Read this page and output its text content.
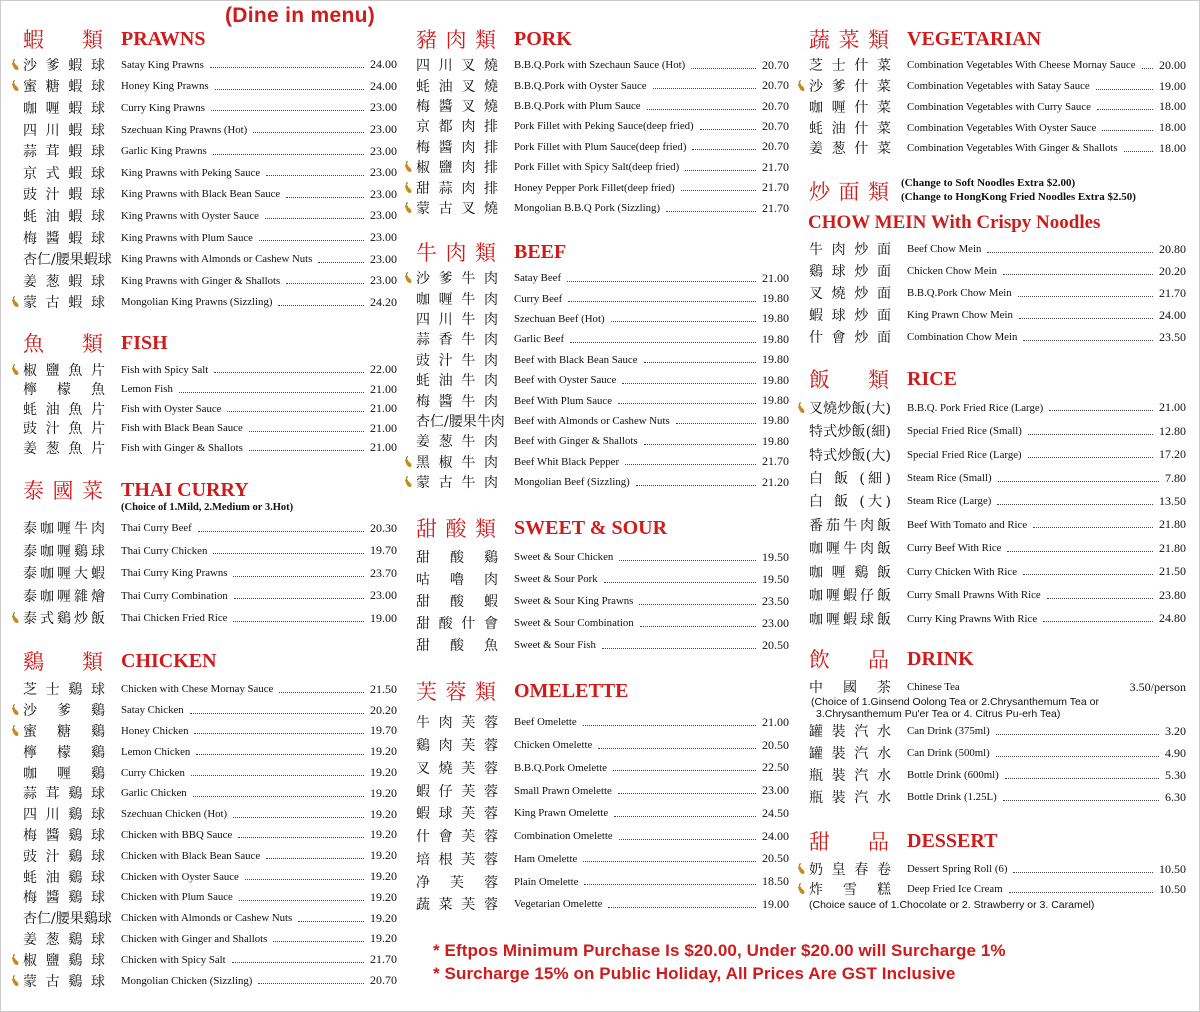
(Dine in menu)
蝦 類 PRAWNS
沙 爹 蝦 球 Satay King Prawns	24.00
蜜 糖 蝦 球 Honey King Prawns	24.00
咖 喱 蝦 球 Curry King Prawns	23.00
四 川 蝦 球 Szechuan King Prawns (Hot)	23.00
蒜 茸 蝦 球 Garlic King Prawns	23.00
京 式 蝦 球 King Prawns with Peking Sauce	23.00
豉 汁 蝦 球 King Prawns with Black Bean Sauce	23.00
蚝 油 蝦 球 King Prawns with Oyster Sauce	23.00
梅 醬 蝦 球 King Prawns with Plum Sauce	23.00
杏仁/腰果蝦球 King Prawns with Almonds or Cashew Nuts	23.00
姜 葱 蝦 球 King Prawns with Ginger & Shallots	23.00
蒙 古 蝦 球 Mongolian King Prawns (Sizzling)	24.20
魚 類 FISH
椒 鹽 魚 片 Fish with Spicy Salt	22.00
檸 檬 魚 Lemon Fish	21.00
蚝 油 魚 片 Fish with Oyster Sauce	21.00
豉 汁 魚 片 Fish with Black Bean Sauce	21.00
姜 葱 魚 片 Fish with Ginger & Shallots	21.00
泰 國 菜 THAI CURRY
(Choice of 1.Mild, 2.Medium or 3.Hot)
泰咖喱牛肉 Thai Curry Beef	20.30
泰咖喱鷄球 Thai Curry Chicken	19.70
泰咖喱大蝦 Thai Curry King Prawns	23.70
泰咖喱雜燴 Thai Curry Combination	23.00
泰式鷄炒飯 Thai Chicken Fried Rice	19.00
鷄 類 CHICKEN
芝 士 鷄 球 Chicken with Chese Mornay Sauce	21.50
沙 爹 鷄 Satay Chicken	20.20
蜜 糖 鷄 Honey Chicken	19.70
檸 檬 鷄 Lemon Chicken	19.20
咖 喱 鷄 Curry Chicken	19.20
蒜 茸 鷄 球 Garlic Chicken	19.20
四 川 鷄 球 Szechuan Chicken (Hot)	19.20
梅 醬 鷄 球 Chicken with BBQ Sauce	19.20
豉 汁 鷄 球 Chicken with Black Bean Sauce	19.20
蚝 油 鷄 球 Chicken with Oyster Sauce	19.20
梅 醬 鷄 球 Chicken with Plum Sauce	19.20
杏仁/腰果鷄球 Chicken with Almonds or Cashew Nuts	19.20
姜 葱 鷄 球 Chicken with Ginger and Shallots	19.20
椒 鹽 鷄 球 Chicken with Spicy Salt	21.70
蒙 古 鷄 球 Mongolian Chicken (Sizzling)	20.70
豬 肉 類 PORK
四 川 叉 燒 B.B.Q.Pork with Szechaun Sauce (Hot)	20.70
蚝 油 叉 燒 B.B.Q.Pork with Oyster Sauce	20.70
梅 醬 叉 燒 B.B.Q.Pork with Plum Sauce	20.70
京 都 肉 排 Pork Fillet with Peking Sauce(deep fried)	20.70
梅 醬 肉 排 Pork Fillet with Plum Sauce(deep fried)	20.70
椒 鹽 肉 排 Pork Fillet with Spicy Salt(deep fried)	21.70
甜 蒜 肉 排 Honey Pepper Pork Fillet(deep fried)	21.70
蒙 古 叉 燒 Mongolian B.B.Q Pork (Sizzling)	21.70
牛 肉 類 BEEF
沙 爹 牛 肉 Satay Beef	21.00
咖 喱 牛 肉 Curry Beef	19.80
四 川 牛 肉 Szechuan Beef (Hot)	19.80
蒜 香 牛 肉 Garlic Beef	19.80
豉 汁 牛 肉 Beef with Black Bean Sauce	19.80
蚝 油 牛 肉 Beef with Oyster Sauce	19.80
梅 醬 牛 肉 Beef With Plum Sauce	19.80
杏仁/腰果牛肉 Beef with Almonds or Cashew Nuts	19.80
姜 葱 牛 肉 Beef with Ginger & Shallots	19.80
黑 椒 牛 肉 Beef Whit Black Pepper	21.70
蒙 古 牛 肉 Mongolian Beef (Sizzling)	21.20
甜 酸 類 SWEET & SOUR
甜 酸 鷄 Sweet & Sour Chicken	19.50
咕 嚕 肉 Sweet & Sour Pork	19.50
甜 酸 蝦 Sweet & Sour King Prawns	23.50
甜 酸 什 會 Sweet & Sour Combination	23.00
甜 酸 魚 Sweet & Sour Fish	20.50
芙 蓉 類 OMELETTE
牛 肉 芙 蓉 Beef Omelette	21.00
鷄 肉 芙 蓉 Chicken Omelette	20.50
叉 燒 芙 蓉 B.B.Q.Pork Omelette	22.50
蝦 仔 芙 蓉 Small Prawn Omelette	23.00
蝦 球 芙 蓉 King Prawn Omelette	24.50
什 會 芙 蓉 Combination Omelette	24.00
培 根 芙 蓉 Ham Omelette	20.50
净 芙 蓉 Plain Omelette	18.50
蔬 菜 芙 蓉 Vegetarian Omelette	19.00
蔬 菜 類 VEGETARIAN
芝 士 什 菜 Combination Vegetables With Cheese Mornay Sauce 20.00
沙 爹 什 菜 Combination Vegetables with Satay Sauce	19.00
咖 喱 什 菜 Combination Vegetables with Curry Sauce	18.00
蚝 油 什 菜 Combination Vegetables With Oyster Sauce	18.00
姜 葱 什 菜 Combination Vegetables With Ginger & Shallots	18.00
炒 面 類 (Change to Soft Noodles Extra $2.00)
(Change to HongKong Fried Noodles Extra $2.50)
CHOW MEIN With Crispy Noodles
牛 肉 炒 面 Beef Chow Mein	20.80
鷄 球 炒 面 Chicken Chow Mein	20.20
叉 燒 炒 面 B.B.Q.Pork Chow Mein	21.70
蝦 球 炒 面 King Prawn Chow Mein	24.00
什 會 炒 面 Combination Chow Mein	23.50
飯 類 RICE
叉燒炒飯(大) B.B.Q. Pork Fried Rice (Large)	21.00
特式炒飯(細) Special Fried Rice (Small)	12.80
特式炒飯(大) Special Fried Rice (Large)	17.20
白 飯 (細) Steam Rice (Small)	7.80
白 飯 (大) Steam Rice (Large)	13.50
番茄牛肉飯 Beef With Tomato and Rice	21.80
咖喱牛肉飯 Curry Beef With Rice	21.80
咖 喱 鷄 飯 Curry Chicken With Rice	21.50
咖喱蝦仔飯 Curry Small Prawns With Rice	23.80
咖喱蝦球飯 Curry King Prawns With Rice	24.80
飲 品 DRINK
中 國 茶 Chinese Tea	3.50/person
(Choice of 1.Ginsend Oolong Tea or 2.Chrysanthemum Tea or
3.Chrysanthemum Pu'er Tea or 4. Citrus Pu-erh Tea)
罐 裝 汽 水 Can Drink (375ml)	3.20
罐 裝 汽 水 Can Drink (500ml)	4.90
瓶 裝 汽 水 Bottle Drink (600ml)	5.30
瓶 裝 汽 水 Bottle Drink (1.25L)	6.30
甜 品 DESSERT
奶 皇 春 卷 Dessert Spring Roll (6)	10.50
炸 雪 糕 Deep Fried Ice Cream	10.50
(Choice sauce of 1.Chocolate or 2. Strawberry or 3. Caramel)
* Eftpos Minimum Purchase Is $20.00, Under $20.00 will Surcharge 1%
* Surcharge 15% on Public Holiday, All Prices Are GST Inclusive
